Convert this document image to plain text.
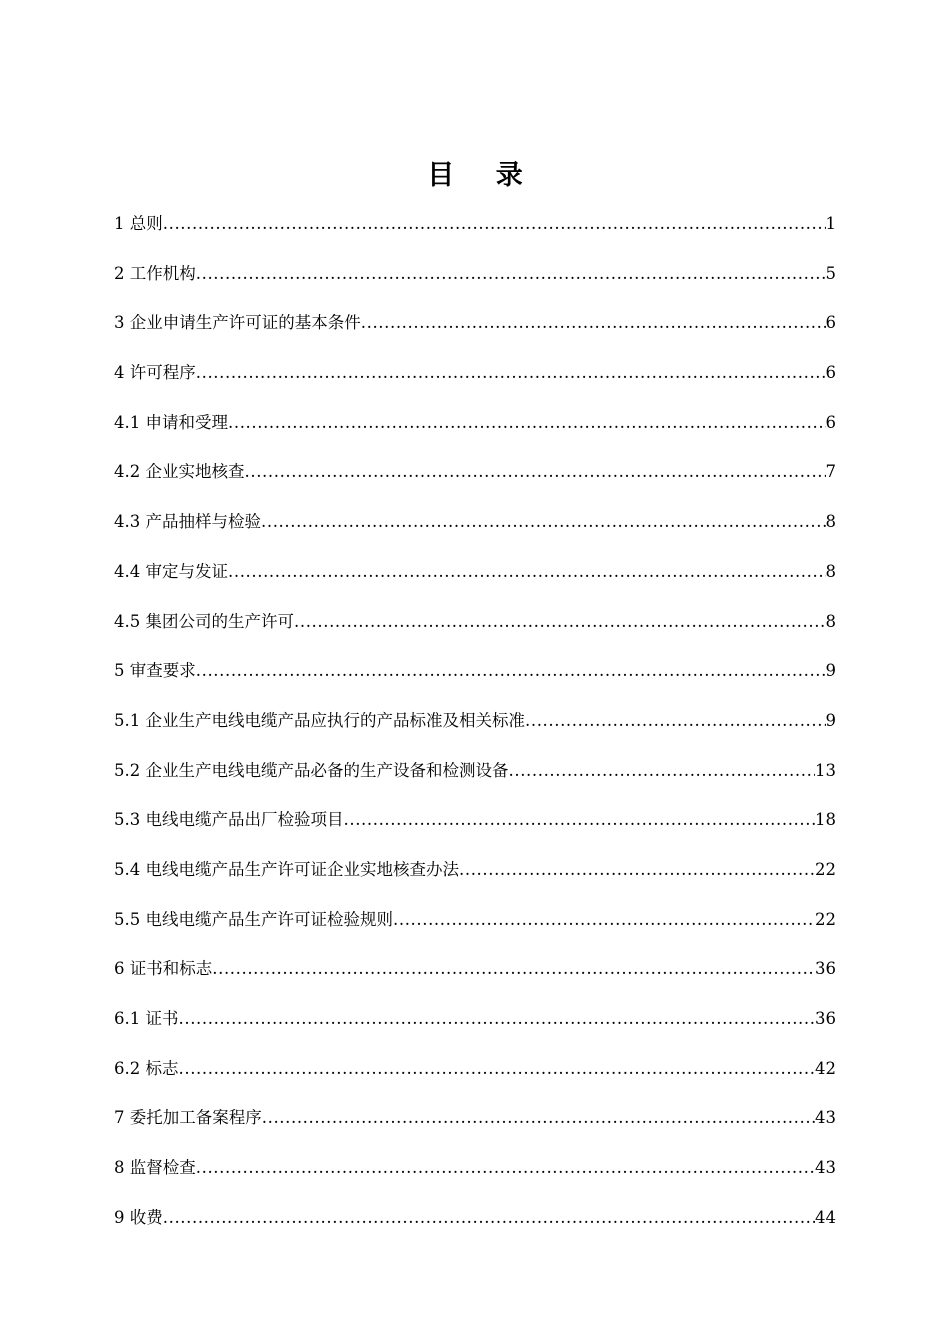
目 录
1 总则 .....	1
2 工作机构 .....	5
3 企业申请生产许可证的基本条件 .....	6
4 许可程序 .....	6
4.1 申请和受理 .....	6
4.2 企业实地核查 .....	7
4.3 产品抽样与检验 .....	8
4.4 审定与发证 .....	8
4.5 集团公司的生产许可 .....	8
5 审查要求 .....	9
5.1 企业生产电线电缆产品应执行的产品标准及相关标准 .....	9
5.2 企业生产电线电缆产品必备的生产设备和检测设备 .....	13
5.3 电线电缆产品出厂检验项目 .....	18
5.4 电线电缆产品生产许可证企业实地核查办法 .....	22
5.5 电线电缆产品生产许可证检验规则 .....	22
6 证书和标志 .....	36
6.1 证书 .....	36
6.2 标志 .....	42
7 委托加工备案程序 .....	43
8 监督检查 .....	43
9 收费 .....	44
